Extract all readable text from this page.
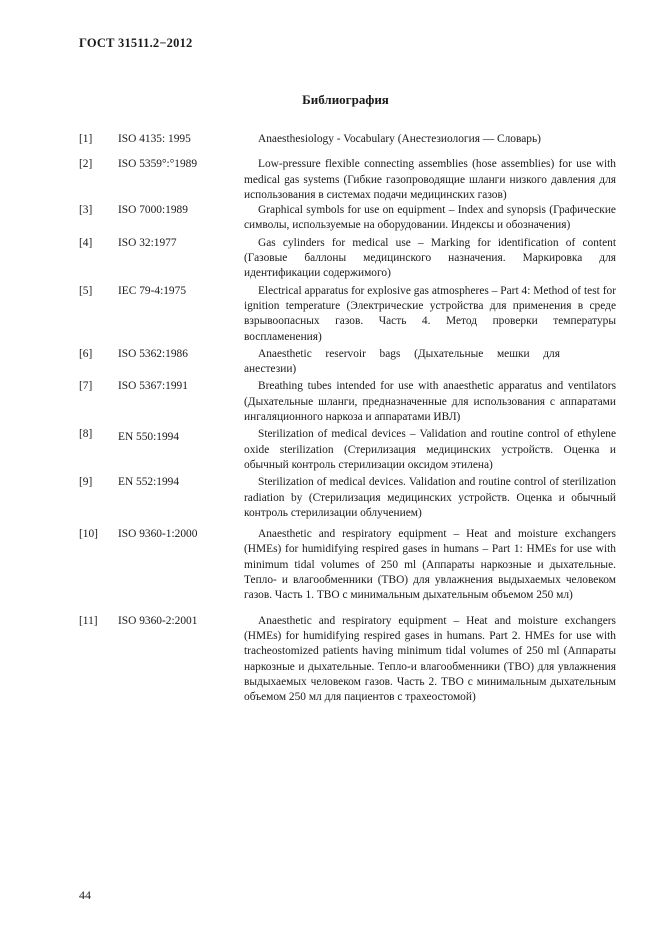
ГОСТ 31511.2−2012
Библиография
[1] ISO 4135: 1995	Anaesthesiology - Vocabulary (Анестезиология — Словарь)
[2] ISO 5359°:°1989	Low-pressure flexible connecting assemblies (hose assemblies) for use with medical gas systems (Гибкие газопроводящие шланги низкого давления для использования в системах подачи медицинских газов)
[3] ISO 7000:1989	Graphical symbols for use on equipment – Index and synopsis (Графические символы, используемые на оборудовании. Индексы и обозначения)
[4] ISO 32:1977	Gas cylinders for medical use – Marking for identification of content (Газовые баллоны медицинского назначения. Маркировка для идентификации содержимого)
[5] IEC 79-4:1975	Electrical apparatus for explosive gas atmospheres – Part 4: Method of test for ignition temperature (Электрические устройства для применения в среде взрывоопасных газов. Часть 4. Метод проверки температуры воспламенения)
[6] ISO 5362:1986	Anaesthetic reservoir bags (Дыхательные мешки для анестезии)
[7] ISO 5367:1991	Breathing tubes intended for use with anaesthetic apparatus and ventilators (Дыхательные шланги, предназначенные для использования с аппаратами ингаляционного наркоза и аппаратами ИВЛ)
[8] EN 550:1994	Sterilization of medical devices – Validation and routine control of ethylene oxide sterilization (Стерилизация медицинских устройств. Оценка и обычный контроль стерилизации оксидом этилена)
[9] EN 552:1994	Sterilization of medical devices. Validation and routine control of sterilization radiation by (Стерилизация медицинских устройств. Оценка и обычный контроль стерилизации облучением)
[10] ISO 9360-1:2000	Anaesthetic and respiratory equipment – Heat and moisture exchangers (HMEs) for humidifying respired gases in humans – Part 1: HMEs for use with minimum tidal volumes of 250 ml (Аппараты наркозные и дыхательные. Тепло- и влагообменники (ТВО) для увлажнения выдыхаемых человеком газов. Часть 1. ТВО с минимальным дыхательным объемом 250 мл)
[11] ISO 9360-2:2001	Anaesthetic and respiratory equipment – Heat and moisture exchangers (HMEs) for humidifying respired gases in humans. Part 2. HMEs for use with tracheostomized patients having minimum tidal volumes of 250 ml (Аппараты наркозные и дыхательные. Тепло-и влагообменники (ТВО) для увлажнения выдыхаемых человеком газов. Часть 2. ТВО с минимальным дыхательным объемом 250 мл для пациентов с трахеостомой)
44
